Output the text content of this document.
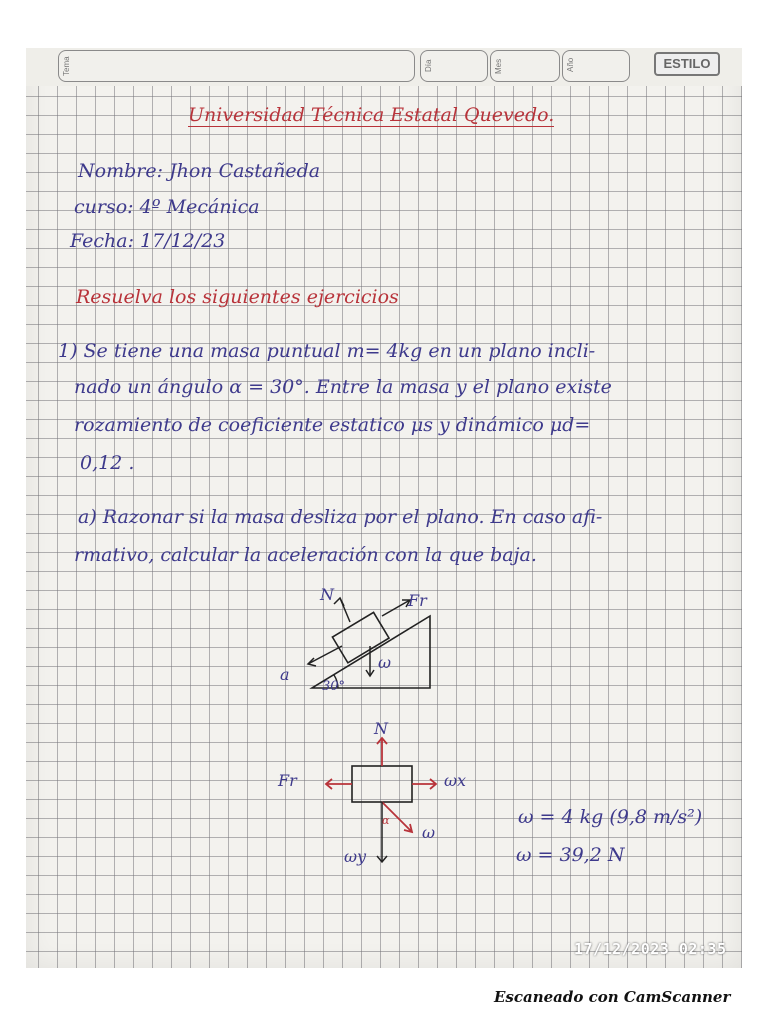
Tema	Día	Mes	Año	ESTILO
Universidad Técnica Estatal Quevedo.
Nombre: Jhon Castañeda
curso: 4º Mecánica
Fecha: 17/12/23
Resuelva los siguientes ejercicios
1) Se tiene una masa puntual m= 4kg en un plano incli-
nado un ángulo α = 30°. Entre la masa y el plano existe
rozamiento de coeficiente estatico μs y dinámico μd=
0,12 .
a) Razonar si la masa desliza por el plano. En caso afi-
rmativo, calcular la aceleración con la que baja.
N	Fr
a
ω
30°
N
Fr	ωx
ωy
ω
α	ω = 4 kg (9,8 m/s²)
ω = 39,2 N
17/12/2023 02:35
Escaneado con CamScanner
